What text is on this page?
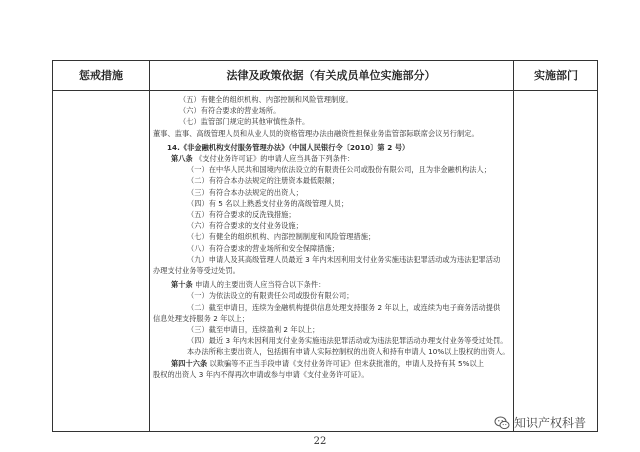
惩戒措施	法律及政策依据（有关成员单位实施部分）	实施部门
（五）有健全的组织机构、内部控制和风险管理制度。
（六）有符合要求的营业场所。
（七）监管部门规定的其他审慎性条件。
董事、监事、高级管理人员和从业人员的资格管理办法由融资性担保业务监管部际联席会议另行制定。
14.《非金融机构支付服务管理办法》（中国人民银行令〔2010〕第 2 号）
第八条 《支付业务许可证》的申请人应当具备下列条件：
（一）在中华人民共和国境内依法设立的有限责任公司或股份有限公司，且为非金融机构法人；
（二）有符合本办法规定的注册资本最低限额；
（三）有符合本办法规定的出资人；
（四）有 5 名以上熟悉支付业务的高级管理人员；
（五）有符合要求的反洗钱措施；
（六）有符合要求的支付业务设施；
（七）有健全的组织机构、内部控制制度和风险管理措施；
（八）有符合要求的营业场所和安全保障措施；
（九）申请人及其高级管理人员最近 3 年内未因利用支付业务实施违法犯罪活动或为违法犯罪活动
办理支付业务等受过处罚。
第十条 申请人的主要出资人应当符合以下条件：
（一）为依法设立的有限责任公司或股份有限公司；
（二）截至申请日，连续为金融机构提供信息处理支持服务 2 年以上，或连续为电子商务活动提供
信息处理支持服务 2 年以上；
（三）截至申请日，连续盈利 2 年以上；
（四）最近 3 年内未因利用支付业务实施违法犯罪活动或为违法犯罪活动办理支付业务等受过处罚。
本办法所称主要出资人，包括拥有申请人实际控制权的出资人和持有申请人 10%以上股权的出资人。
第四十六条 以欺骗等不正当手段申请《支付业务许可证》但未获批准的，申请人及持有其 5%以上
股权的出资人 3 年内不得再次申请或参与申请《支付业务许可证》。
22
知识产权科普
